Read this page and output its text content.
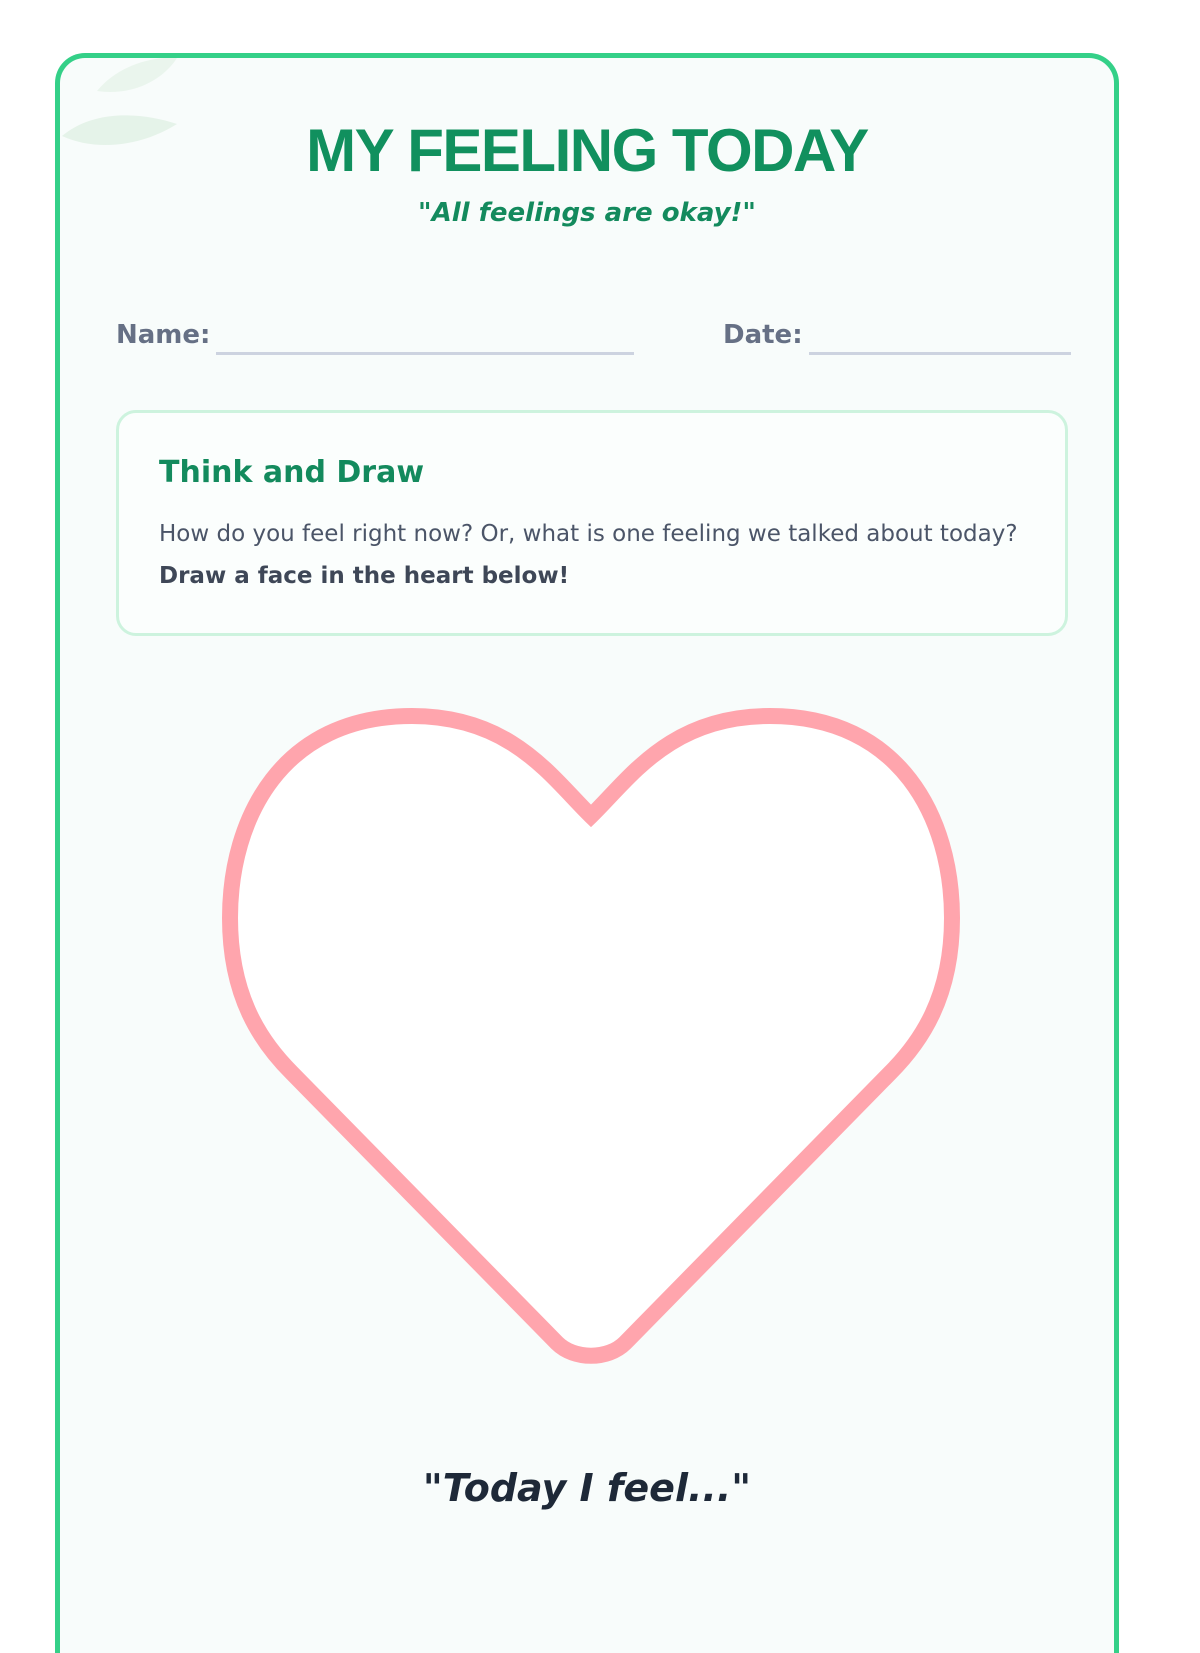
MY FEELING TODAY

"All feelings are okay!"

Name:	Date:
Think and Draw

How do you feel right now? Or, what is one feeling we talked about today? Draw a face in the heart below!

"Today I feel..."
